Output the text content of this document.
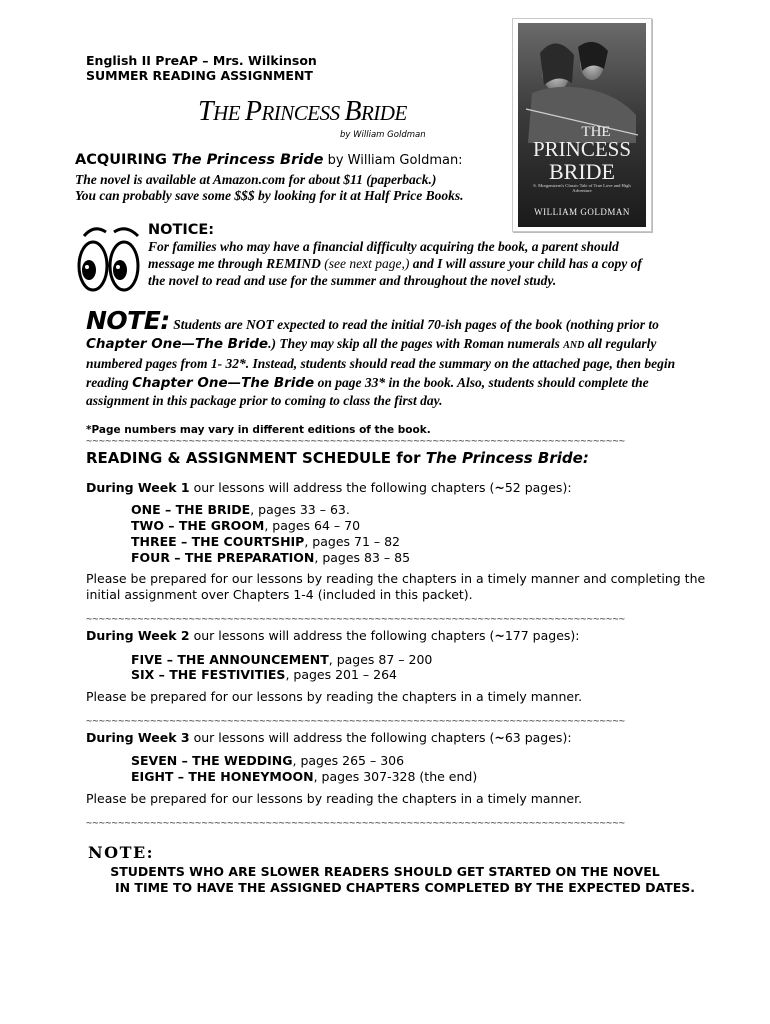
English II PreAP – Mrs. Wilkinson
SUMMER READING ASSIGNMENT
THE PRINCESS BRIDE
by William Goldman	THE
PRINCESS
BRIDE
S. Morgenstern's Classic Tale of True Love and High Adventure
WILLIAM GOLDMAN
ACQUIRING The Princess Bride by William Goldman:
The novel is available at Amazon.com for about $11 (paperback.)
You can probably save some $$$ by looking for it at Half Price Books.
NOTICE:
For families who may have a financial difficulty acquiring the book, a parent should message me through REMIND (see next page,) and I will assure your child has a copy of the novel to read and use for the summer and throughout the novel study.
NOTE: Students are NOT expected to read the initial 70-ish pages of the book (nothing prior to Chapter One—The Bride.) They may skip all the pages with Roman numerals AND all regularly numbered pages from 1- 32*. Instead, students should read the summary on the attached page, then begin reading Chapter One—The Bride on page 33* in the book. Also, students should complete the assignment in this package prior to coming to class the first day.
*Page numbers may vary in different editions of the book.
~~~~~~~~~~~~~~~~~~~~~~~~~~~~~~~~~~~~~~~~~~~~~~~~~~~~~~~~~~~~~~~~~~~~~~~~~~~~~~~~~~~~
READING & ASSIGNMENT SCHEDULE for The Princess Bride:
During Week 1 our lessons will address the following chapters (~52 pages):
ONE – THE BRIDE, pages 33 – 63.
TWO – THE GROOM, pages 64 – 70
THREE – THE COURTSHIP, pages 71 – 82
FOUR – THE PREPARATION, pages 83 – 85
Please be prepared for our lessons by reading the chapters in a timely manner and completing the initial assignment over Chapters 1-4 (included in this packet).
~~~~~~~~~~~~~~~~~~~~~~~~~~~~~~~~~~~~~~~~~~~~~~~~~~~~~~~~~~~~~~~~~~~~~~~~~~~~~~~~~~~~
During Week 2 our lessons will address the following chapters (~177 pages):
FIVE – THE ANNOUNCEMENT, pages 87 – 200
SIX – THE FESTIVITIES, pages 201 – 264
Please be prepared for our lessons by reading the chapters in a timely manner.
~~~~~~~~~~~~~~~~~~~~~~~~~~~~~~~~~~~~~~~~~~~~~~~~~~~~~~~~~~~~~~~~~~~~~~~~~~~~~~~~~~~~
During Week 3 our lessons will address the following chapters (~63 pages):
SEVEN – THE WEDDING, pages 265 – 306
EIGHT – THE HONEYMOON, pages 307-328 (the end)
Please be prepared for our lessons by reading the chapters in a timely manner.
~~~~~~~~~~~~~~~~~~~~~~~~~~~~~~~~~~~~~~~~~~~~~~~~~~~~~~~~~~~~~~~~~~~~~~~~~~~~~~~~~~~~
NOTE:
STUDENTS WHO ARE SLOWER READERS SHOULD GET STARTED ON THE NOVEL
IN TIME TO HAVE THE ASSIGNED CHAPTERS COMPLETED BY THE EXPECTED DATES.
